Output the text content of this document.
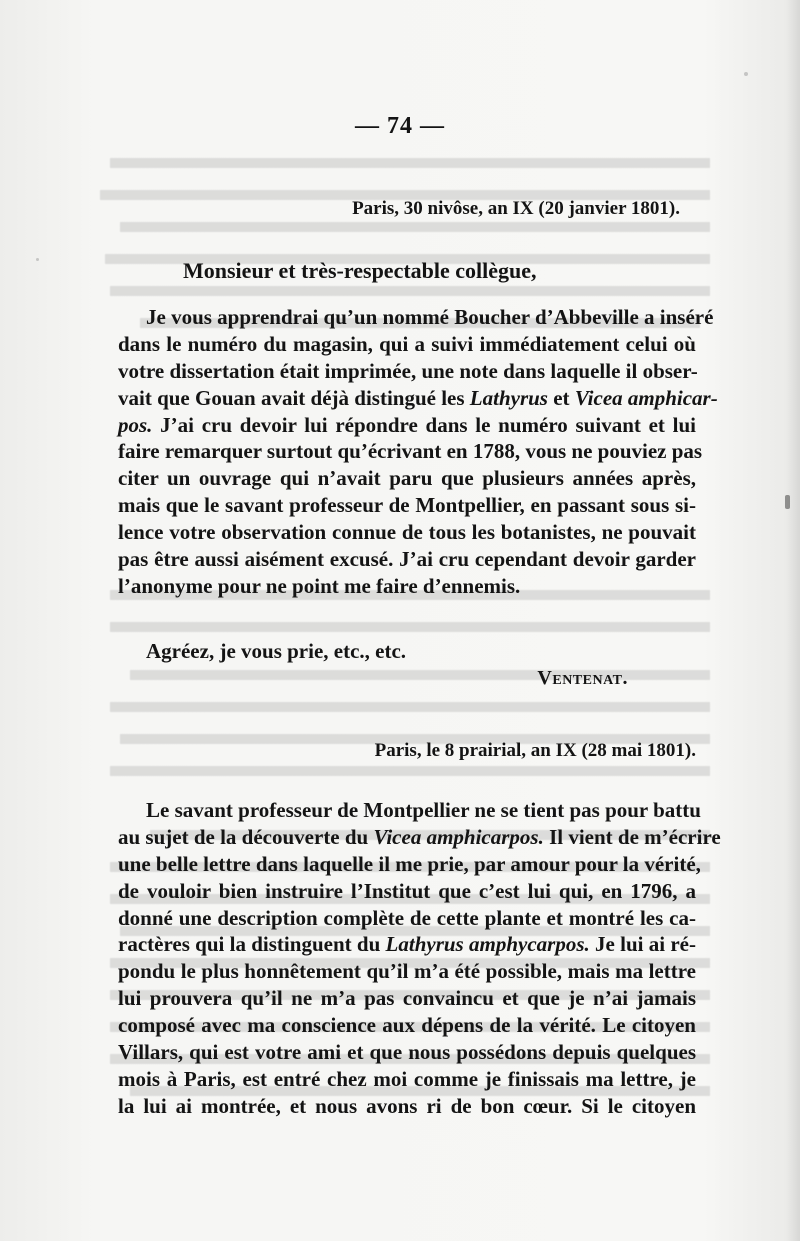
— 74 —
Paris, 30 nivôse, an IX (20 janvier 1801).
Monsieur et très-respectable collègue,
Je vous apprendrai qu’un nommé Boucher d’Abbeville a inséré
dans le numéro du magasin, qui a suivi immédiatement celui où
votre dissertation était imprimée, une note dans laquelle il obser-
vait que Gouan avait déjà distingué les Lathyrus et Vicea amphicar-
pos. J’ai cru devoir lui répondre dans le numéro suivant et lui
faire remarquer surtout qu’écrivant en 1788, vous ne pouviez pas
citer un ouvrage qui n’avait paru que plusieurs années après,
mais que le savant professeur de Montpellier, en passant sous si-
lence votre observation connue de tous les botanistes, ne pouvait
pas être aussi aisément excusé. J’ai cru cependant devoir garder
l’anonyme pour ne point me faire d’ennemis.
Agréez, je vous prie, etc., etc.
Ventenat.
Paris, le 8 prairial, an IX (28 mai 1801).
Le savant professeur de Montpellier ne se tient pas pour battu
au sujet de la découverte du Vicea amphicarpos. Il vient de m’écrire
une belle lettre dans laquelle il me prie, par amour pour la vérité,
de vouloir bien instruire l’Institut que c’est lui qui, en 1796, a
donné une description complète de cette plante et montré les ca-
ractères qui la distinguent du Lathyrus amphycarpos. Je lui ai ré-
pondu le plus honnêtement qu’il m’a été possible, mais ma lettre
lui prouvera qu’il ne m’a pas convaincu et que je n’ai jamais
composé avec ma conscience aux dépens de la vérité. Le citoyen
Villars, qui est votre ami et que nous possédons depuis quelques
mois à Paris, est entré chez moi comme je finissais ma lettre, je
la lui ai montrée, et nous avons ri de bon cœur. Si le citoyen
